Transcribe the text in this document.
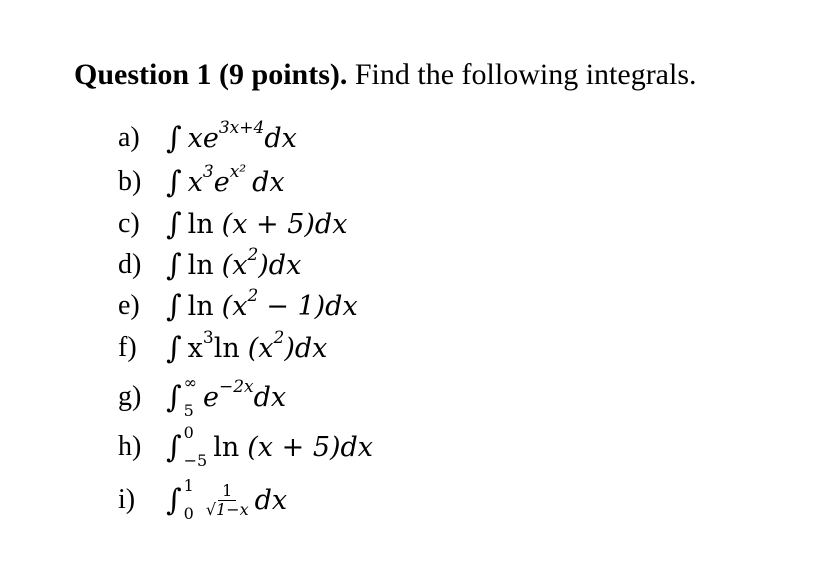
Question 1 (9 points). Find the following integrals.
a) ∫ $xe^{3x+4}$ dx
b) ∫ $x^3$ $e^{x^2}$ dx
c) ∫ ln (x + 5)dx
d) ∫ $\ln (x^2$ )dx
e) ∫ $\ln (x^2 - 1)dx$
f) ∫ $x^3$ $\ln (x^2$ )dx
g) ∫ ∞
5 $e^{-2x}$ dx
h) ∫ 0
−5 ln (x + 5)dx
i)	∫ 1
$0 \frac{1}{√1-x}$ dx
